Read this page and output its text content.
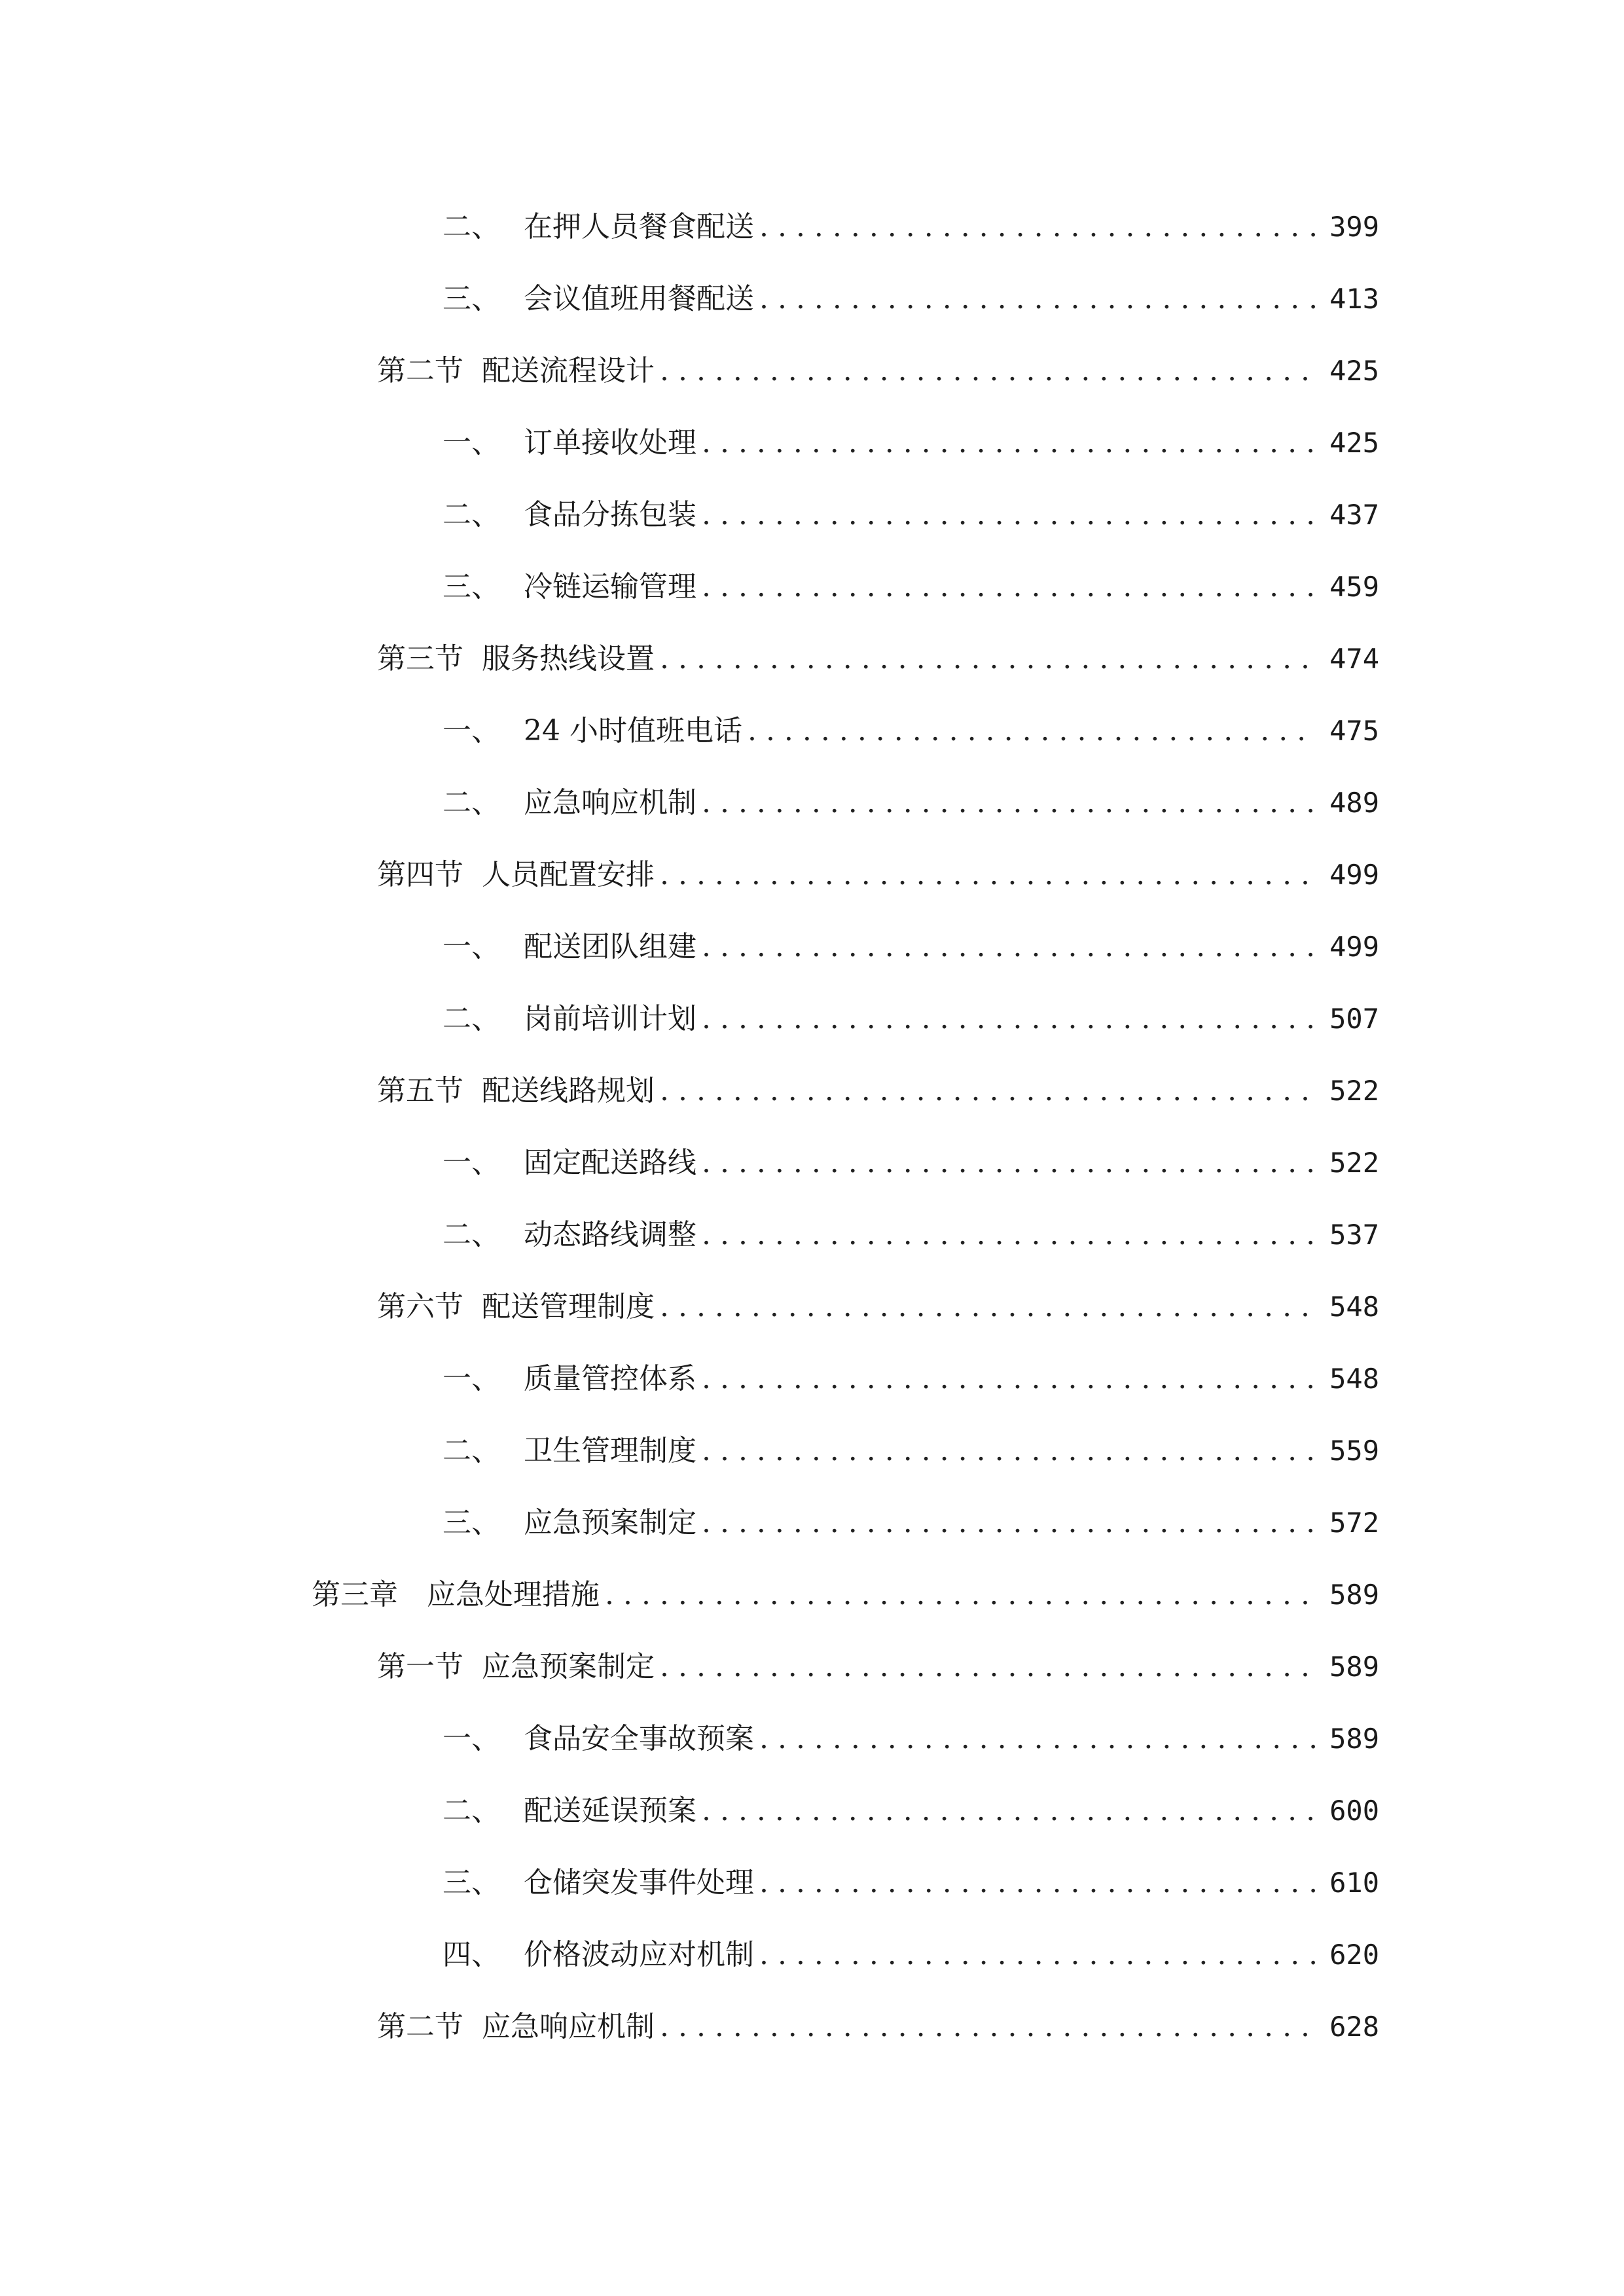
二、 在押人员餐食配送 . . .	399
三、 会议值班用餐配送 . . .	413
第二节 配送流程设计 . . .	425
一、 订单接收处理 . . .	425
二、 食品分拣包装 . . .	437
三、 冷链运输管理 . . .	459
第三节 服务热线设置 . . .	474
一、 24 小时值班电话 . . .	475
二、 应急响应机制 . . .	489
第四节 人员配置安排 . . .	499
一、 配送团队组建 . . .	499
二、 岗前培训计划 . . .	507
第五节 配送线路规划 . . .	522
一、 固定配送路线 . . .	522
二、 动态路线调整 . . .	537
第六节 配送管理制度 . . .	548
一、 质量管控体系 . . .	548
二、 卫生管理制度 . . .	559
三、 应急预案制定 . . .	572
第三章	应急处理措施 . . .	589
第一节 应急预案制定 . . .	589
一、 食品安全事故预案 . . .	589
二、 配送延误预案 . . .	600
三、 仓储突发事件处理 . . .	610
四、 价格波动应对机制 . . .	620
第二节 应急响应机制 . . .	628
